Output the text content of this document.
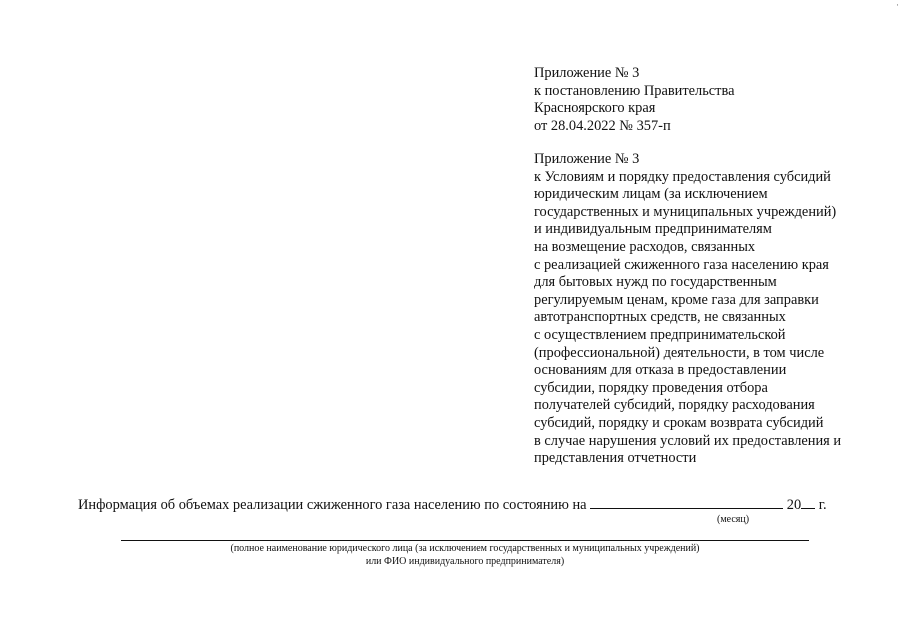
Приложение № 3
к постановлению Правительства
Красноярского края
от 28.04.2022 № 357-п
Приложение № 3
к Условиям и порядку предоставления субсидий
юридическим лицам (за исключением
государственных и муниципальных учреждений)
и индивидуальным предпринимателям
на возмещение расходов, связанных
с реализацией сжиженного газа населению края
для бытовых нужд по государственным
регулируемым ценам, кроме газа для заправки
автотранспортных средств, не связанных
с осуществлением предпринимательской
(профессиональной) деятельности, в том числе
основаниям для отказа в предоставлении
субсидии, порядку проведения отбора
получателей субсидий, порядку расходования
субсидий, порядку и срокам возврата субсидий
в случае нарушения условий их предоставления и
представления отчетности
Информация об объемах реализации сжиженного газа населению по состоянию на	20 г.
(месяц)
(полное наименование юридического лица (за исключением государственных и муниципальных учреждений)
или ФИО индивидуального предпринимателя)
·
